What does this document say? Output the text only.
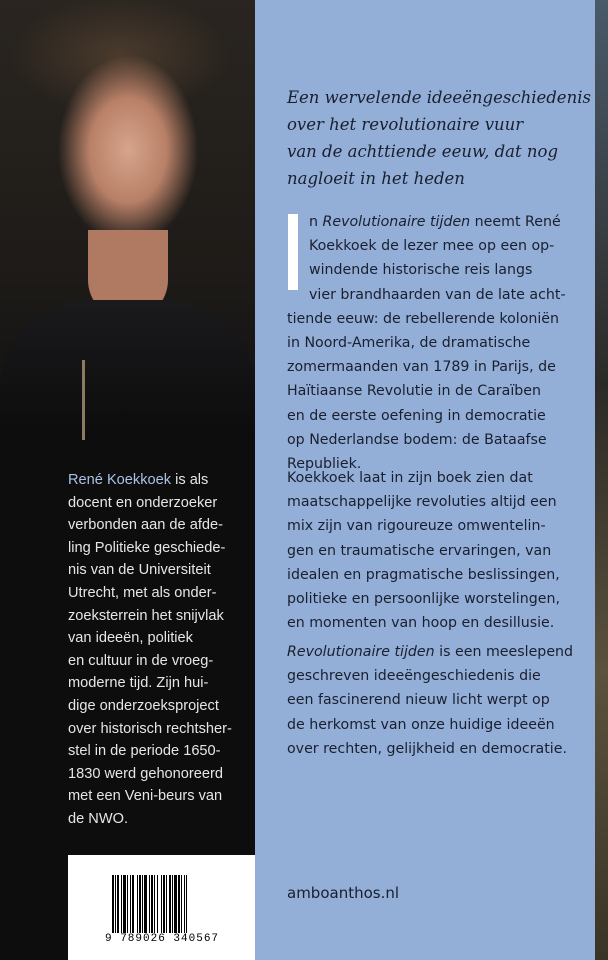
René Koekkoek is als
docent en onderzoeker
verbonden aan de afde-
ling Politieke geschiede-
nis van de Universiteit
Utrecht, met als onder-
zoeksterrein het snijvlak
van ideeën, politiek
en cultuur in de vroeg-
moderne tijd. Zijn hui-
dige onderzoeksproject
over historisch rechtsher-
stel in de periode 1650-
1830 werd gehonoreerd
met een Veni-beurs van
de NWO.
9 789026 340567
Een wervelende ideeëngeschiedenis
over het revolutionaire vuur
van de achttiende eeuw, dat nog
nagloeit in het heden
n Revolutionaire tijden neemt René
Koekkoek de lezer mee op een op-
windende historische reis langs
vier brandhaarden van de late acht-
tiende eeuw: de rebellerende koloniën
in Noord-Amerika, de dramatische
zomermaanden van 1789 in Parijs, de
Haïtiaanse Revolutie in de Caraïben
en de eerste oefening in democratie
op Nederlandse bodem: de Bataafse
Republiek.
Koekkoek laat in zijn boek zien dat
maatschappelijke revoluties altijd een
mix zijn van rigoureuze omwentelin-
gen en traumatische ervaringen, van
idealen en pragmatische beslissingen,
politieke en persoonlijke worstelingen,
en momenten van hoop en desillusie.
Revolutionaire tijden is een meeslepend
geschreven ideeëngeschiedenis die
een fascinerend nieuw licht werpt op
de herkomst van onze huidige ideeën
over rechten, gelijkheid en democratie.
amboanthos.nl
